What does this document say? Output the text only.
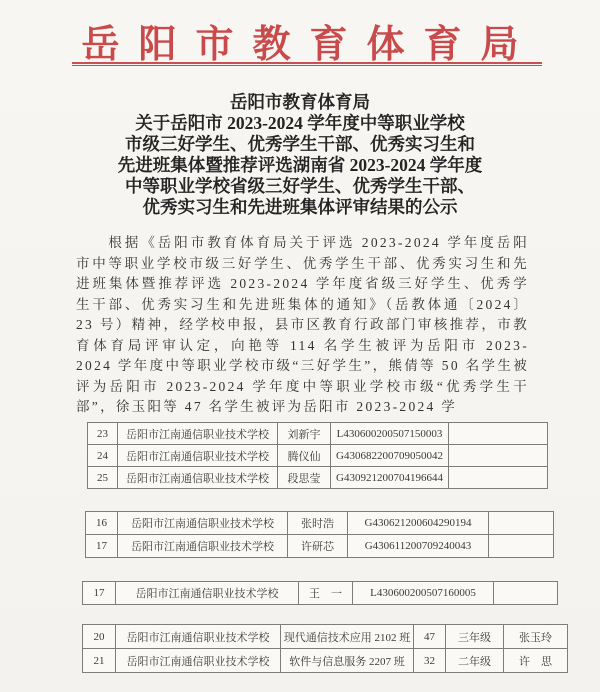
岳阳市教育体育局
岳阳市教育体育局
关于岳阳市 2023-2024 学年度中等职业学校
市级三好学生、优秀学生干部、优秀实习生和
先进班集体暨推荐评选湖南省 2023-2024 学年度
中等职业学校省级三好学生、优秀学生干部、
优秀实习生和先进班集体评审结果的公示
根据《岳阳市教育体育局关于评选 2023-2024 学年度岳阳市中等职业学校市级三好学生、优秀学生干部、优秀实习生和先进班集体暨推荐评选 2023-2024 学年度省级三好学生、优秀学生干部、优秀实习生和先进班集体的通知》（岳教体通〔2024〕23 号）精神，经学校申报，县市区教育行政部门审核推荐，市教育体育局评审认定，向艳等 114 名学生被评为岳阳市 2023-2024 学年度中等职业学校市级“三好学生”，熊倩等 50 名学生被评为岳阳市 2023-2024 学年度中等职业学校市级“优秀学生干部”，徐玉阳等 47 名学生被评为岳阳市 2023-2024 学
23	岳阳市江南通信职业技术学校	刘新宇	L430600200507150003	
24	岳阳市江南通信职业技术学校	腾仪仙	G430682200709050042	
25	岳阳市江南通信职业技术学校	段思莹	G430921200704196644	
16	岳阳市江南通信职业技术学校	张时浩	G430621200604290194	
17	岳阳市江南通信职业技术学校	许研芯	G430611200709240043	
17	岳阳市江南通信职业技术学校	王　一	L430600200507160005	
20	岳阳市江南通信职业技术学校	现代通信技术应用 2102 班	47	三年级	张玉玲
21	岳阳市江南通信职业技术学校	软件与信息服务 2207 班	32	二年级	许　思
